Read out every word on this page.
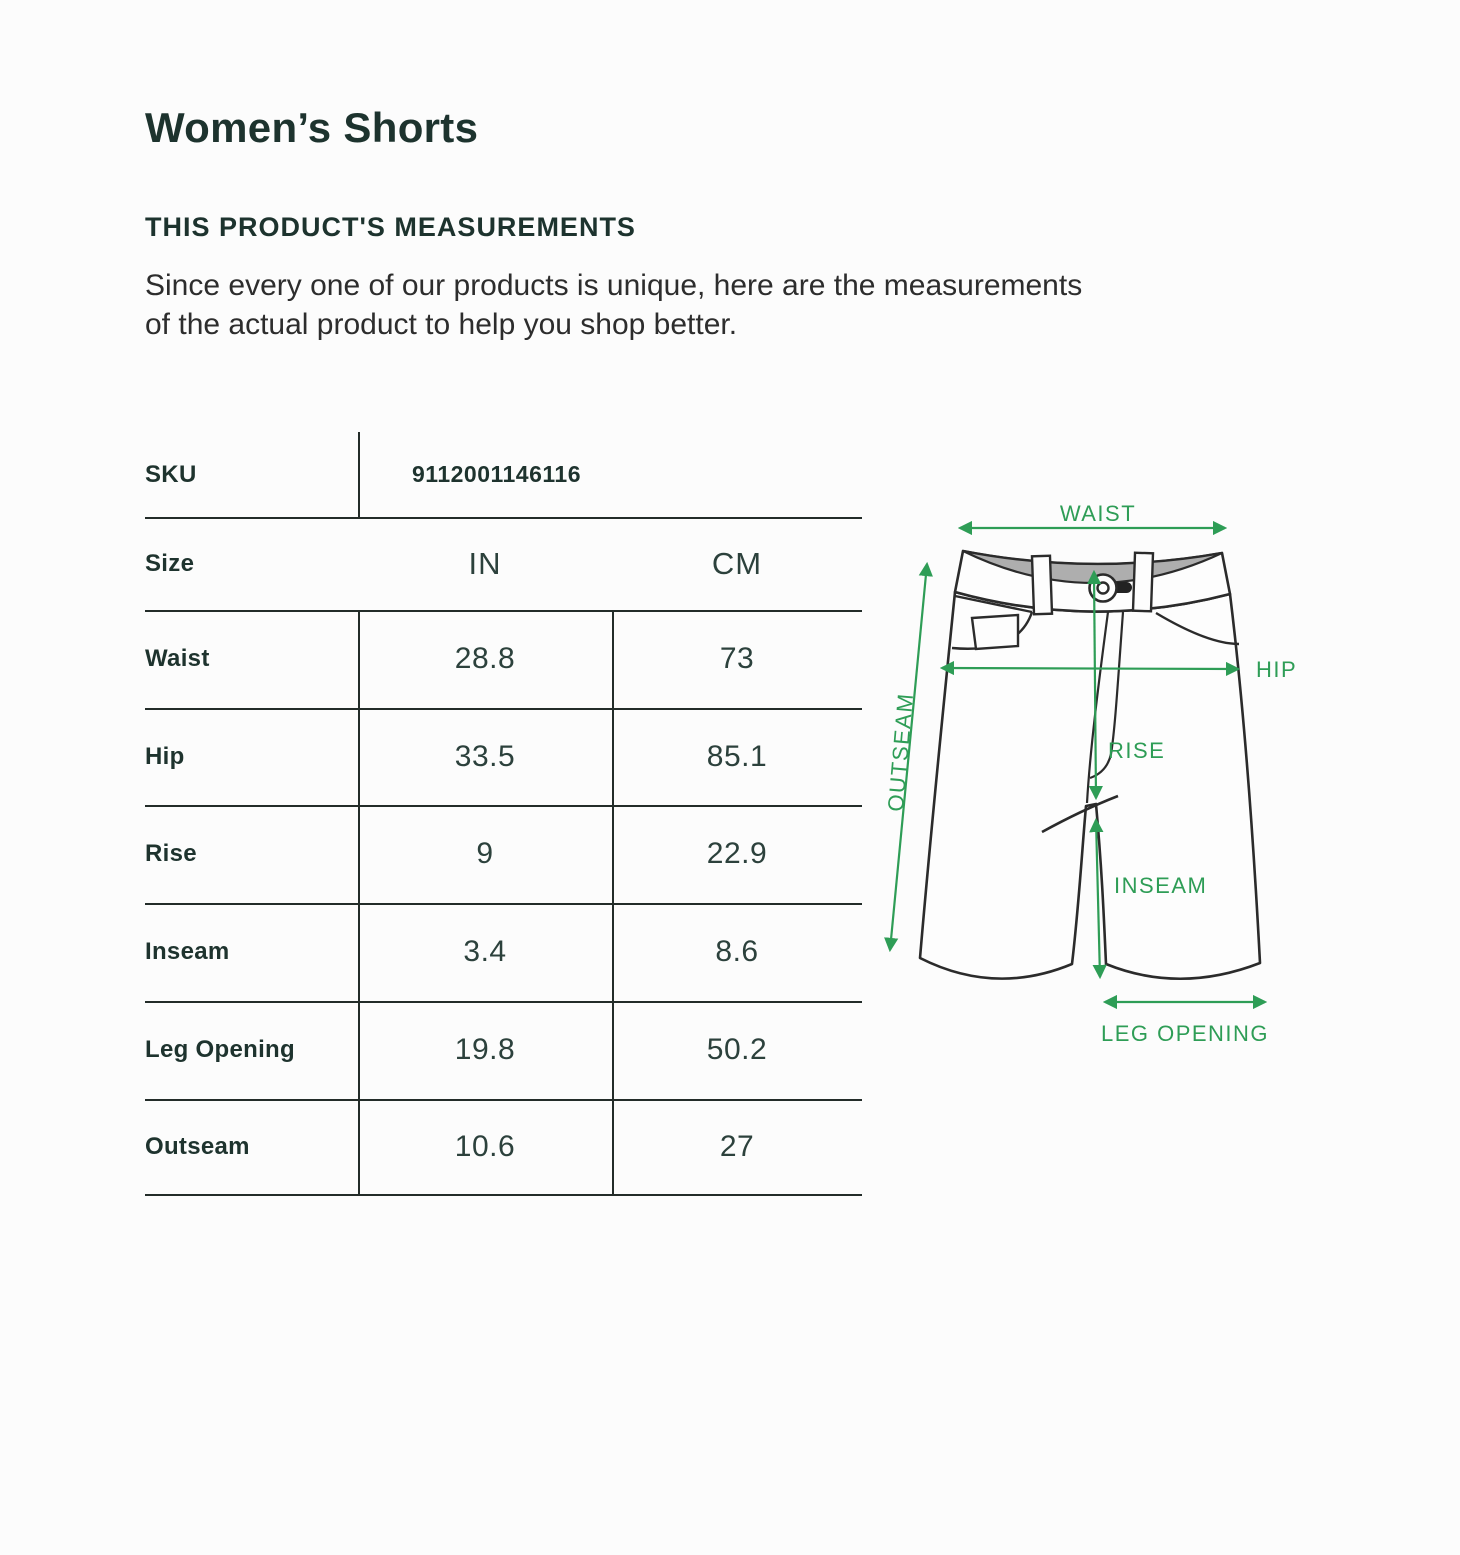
Women’s Shorts
THIS PRODUCT'S MEASUREMENTS

Since every one of our products is unique, here are the measurements
of the actual product to help you shop better.

SKU	9112001146116
Size	IN	CM
Waist	28.8	73
Hip	33.5	85.1
Rise	9	22.9
Inseam	3.4	8.6
Leg Opening	19.8	50.2
Outseam	10.6	27
WAIST
OUTSEAM
HIP
RISE
INSEAM
LEG OPENING
